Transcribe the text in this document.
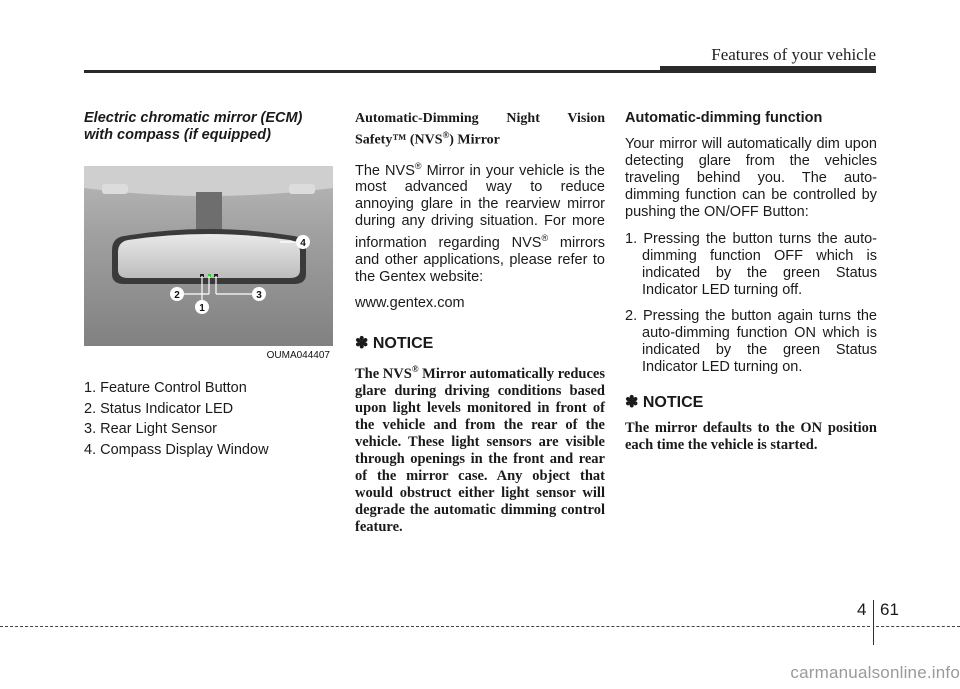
Features of your vehicle

Electric chromatic mirror (ECM)
with compass (if equipped)

4
2	3
1
OUMA044407
1. Feature Control Button
2. Status Indicator LED
3. Rear Light Sensor
4. Compass Display Window

Automatic-Dimming Night Vision Safety™ (NVS®) Mirror

The NVS® Mirror in your vehicle is the most advanced way to reduce annoying glare in the rearview mirror during any driving situation. For more information regarding NVS® mirrors and other applications, please refer to the Gentex website:

www.gentex.com

✽ NOTICE

The NVS® Mirror automatically reduces glare during driving conditions based upon light levels monitored in front of the vehicle and from the rear of the vehicle. These light sensors are visible through openings in the front and rear of the mirror case. Any object that would obstruct either light sensor will degrade the automatic dimming control feature.

Automatic-dimming function

Your mirror will automatically dim upon detecting glare from the vehicles traveling behind you. The auto-dimming function can be controlled by pushing the ON/OFF Button:

1. Pressing the button turns the auto-dimming function OFF which is indicated by the green Status Indicator LED turning off.
2. Pressing the button again turns the auto-dimming function ON which is indicated by the green Status Indicator LED turning on.
✽ NOTICE

The mirror defaults to the ON position each time the vehicle is started.

4 61
carmanualsonline.info
